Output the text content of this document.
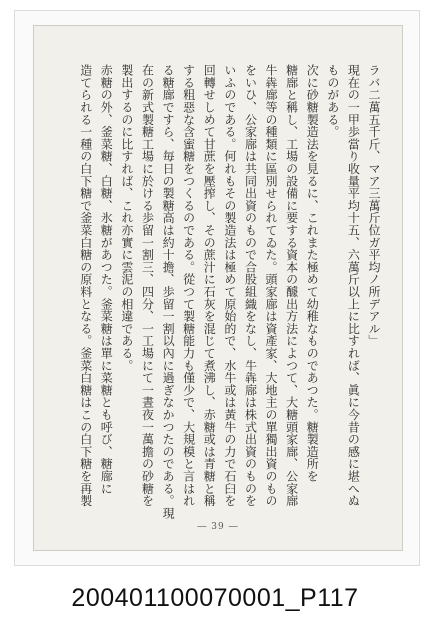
ラバ二萬五千斤、マア三萬斤位ガ平均ノ所デアル」

現在の一甲歩當り收量平均十五、六萬斤以上に比すれば、眞に今昔の感に堪へぬ

ものがある。

次に砂糖製造法を見るに、これまた極めて幼稚なものであつた。糖製造所を

糖廍と稱し、工場の設備に要する資本の醵出方法によつて、大糖頭家廍、公家廍

牛犇廍等の種類に區別せられてゐた。頭家廍は資產家、大地主の單獨出資のもの

をいひ、公家廍は共同出資のもので合股組織をなし、牛犇廍は株式出資のものを

いふのである。何れもその製造法は極めて原始的で、水牛或は黃牛の力で石臼を

回轉せしめて甘蔗を壓搾し、その蔗汁に石灰を混じて煮沸し、赤糖或は青糖と稱

する粗惡な含蜜糖をつくるのである。從つて製糖能力も僅少で、大規模と言はれ

る糖廍ですら、毎日の製糖高は約十擔、歩留一割以內に過ぎなかつたのである。現

在の新式製糖工場に於ける歩留一割三、四分、一工場にて一晝夜一萬擔の砂糖を

製出するのに比すれば、これ亦實に雲泥の相違である。

赤糖の外、釜菜糖、白糖、氷糖があつた。釜菜糖は單に菜糖とも呼び、糖廍に

造てられる一種の白下糖で釜菜白糖の原料となる。釜菜白糖はこの白下糖を再製

― 39 ―
200401100070001_P117
